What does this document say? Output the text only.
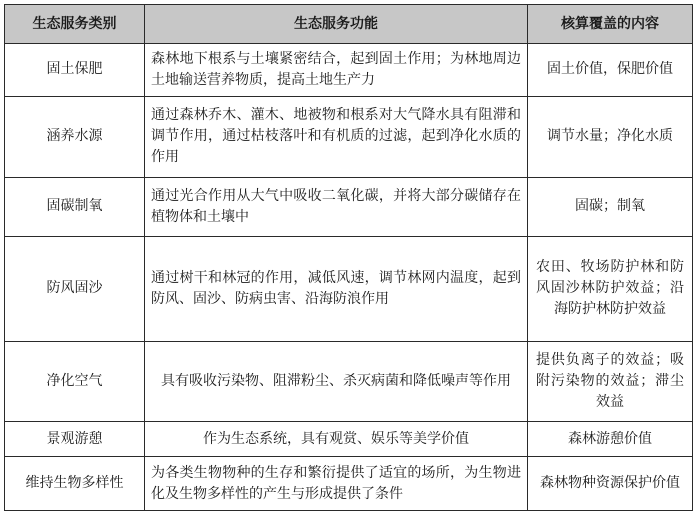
生态服务类别	生态服务功能	核算覆盖的内容
固土保肥	森林地下根系与土壤紧密结合，起到固土作用；为林地周边土地输送营养物质，提高土地生产力	固土价值，保肥价值
涵养水源	通过森林乔木、灌木、地被物和根系对大气降水具有阻滞和调节作用，通过枯枝落叶和有机质的过滤，起到净化水质的作用	调节水量；净化水质
固碳制氧	通过光合作用从大气中吸收二氧化碳，并将大部分碳储存在植物体和土壤中	固碳；制氧
防风固沙	通过树干和林冠的作用，减低风速，调节林网内温度，起到防风、固沙、防病虫害、沿海防浪作用	农田、牧场防护林和防风固沙林防护效益；沿海防护林防护效益
净化空气	具有吸收污染物、阻滞粉尘、杀灭病菌和降低噪声等作用	提供负离子的效益；吸附污染物的效益；滞尘效益
景观游憩	作为生态系统，具有观赏、娱乐等美学价值	森林游憩价值
维持生物多样性	为各类生物物种的生存和繁衍提供了适宜的场所，为生物进化及生物多样性的产生与形成提供了条件	森林物种资源保护价值
